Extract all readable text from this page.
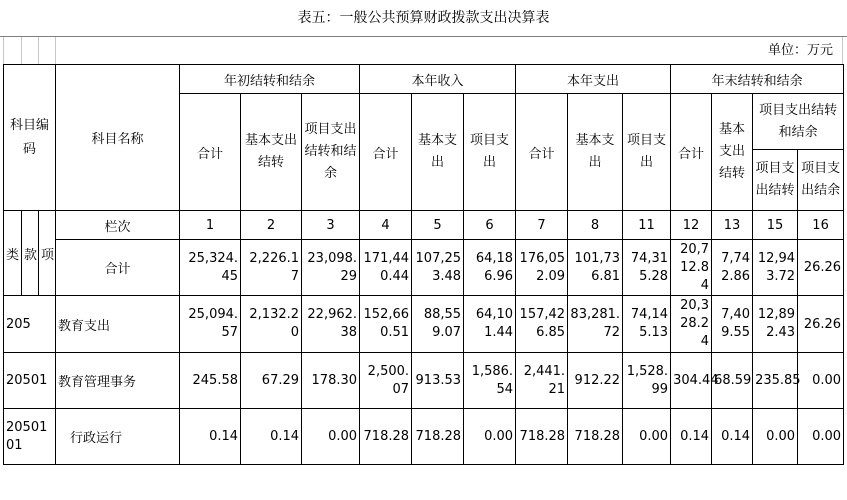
表五：一般公共预算财政拨款支出决算表
单位：万元
科目编码			科目名称	年初结转和结余			本年收入			本年支出			年末结转和结余			
				合计	基本支出结转	项目支出结转和结余	合计	基本支出	项目支出	合计	基本支出	项目支出	合计	基本支出结转	项目支出结转和结余	
															项目支出结转	项目支出结余

类	款	项	栏次	1	2	3	4	5	6	7	8	11	12	13	15	16
			合计	25,324.45	2,226.17	23,098.29	171,440.44	107,253.48	64,186.96	176,052.09	101,736.81	74,315.28	20,712.84	7,742.86	12,943.72	26.26
205			教育支出	25,094.57	2,132.20	22,962.38	152,660.51	88,559.07	64,101.44	157,426.85	83,281.72	74,145.13	20,328.24	7,409.55	12,892.43	26.26
20501			教育管理事务	245.58	67.29	178.30	2,500.07	913.53	1,586.54	2,441.21	912.22	1,528.99	304.44	68.59	235.85	0.00
2050101			行政运行	0.14	0.14	0.00	718.28	718.28	0.00	718.28	718.28	0.00	0.14	0.14	0.00	0.00
